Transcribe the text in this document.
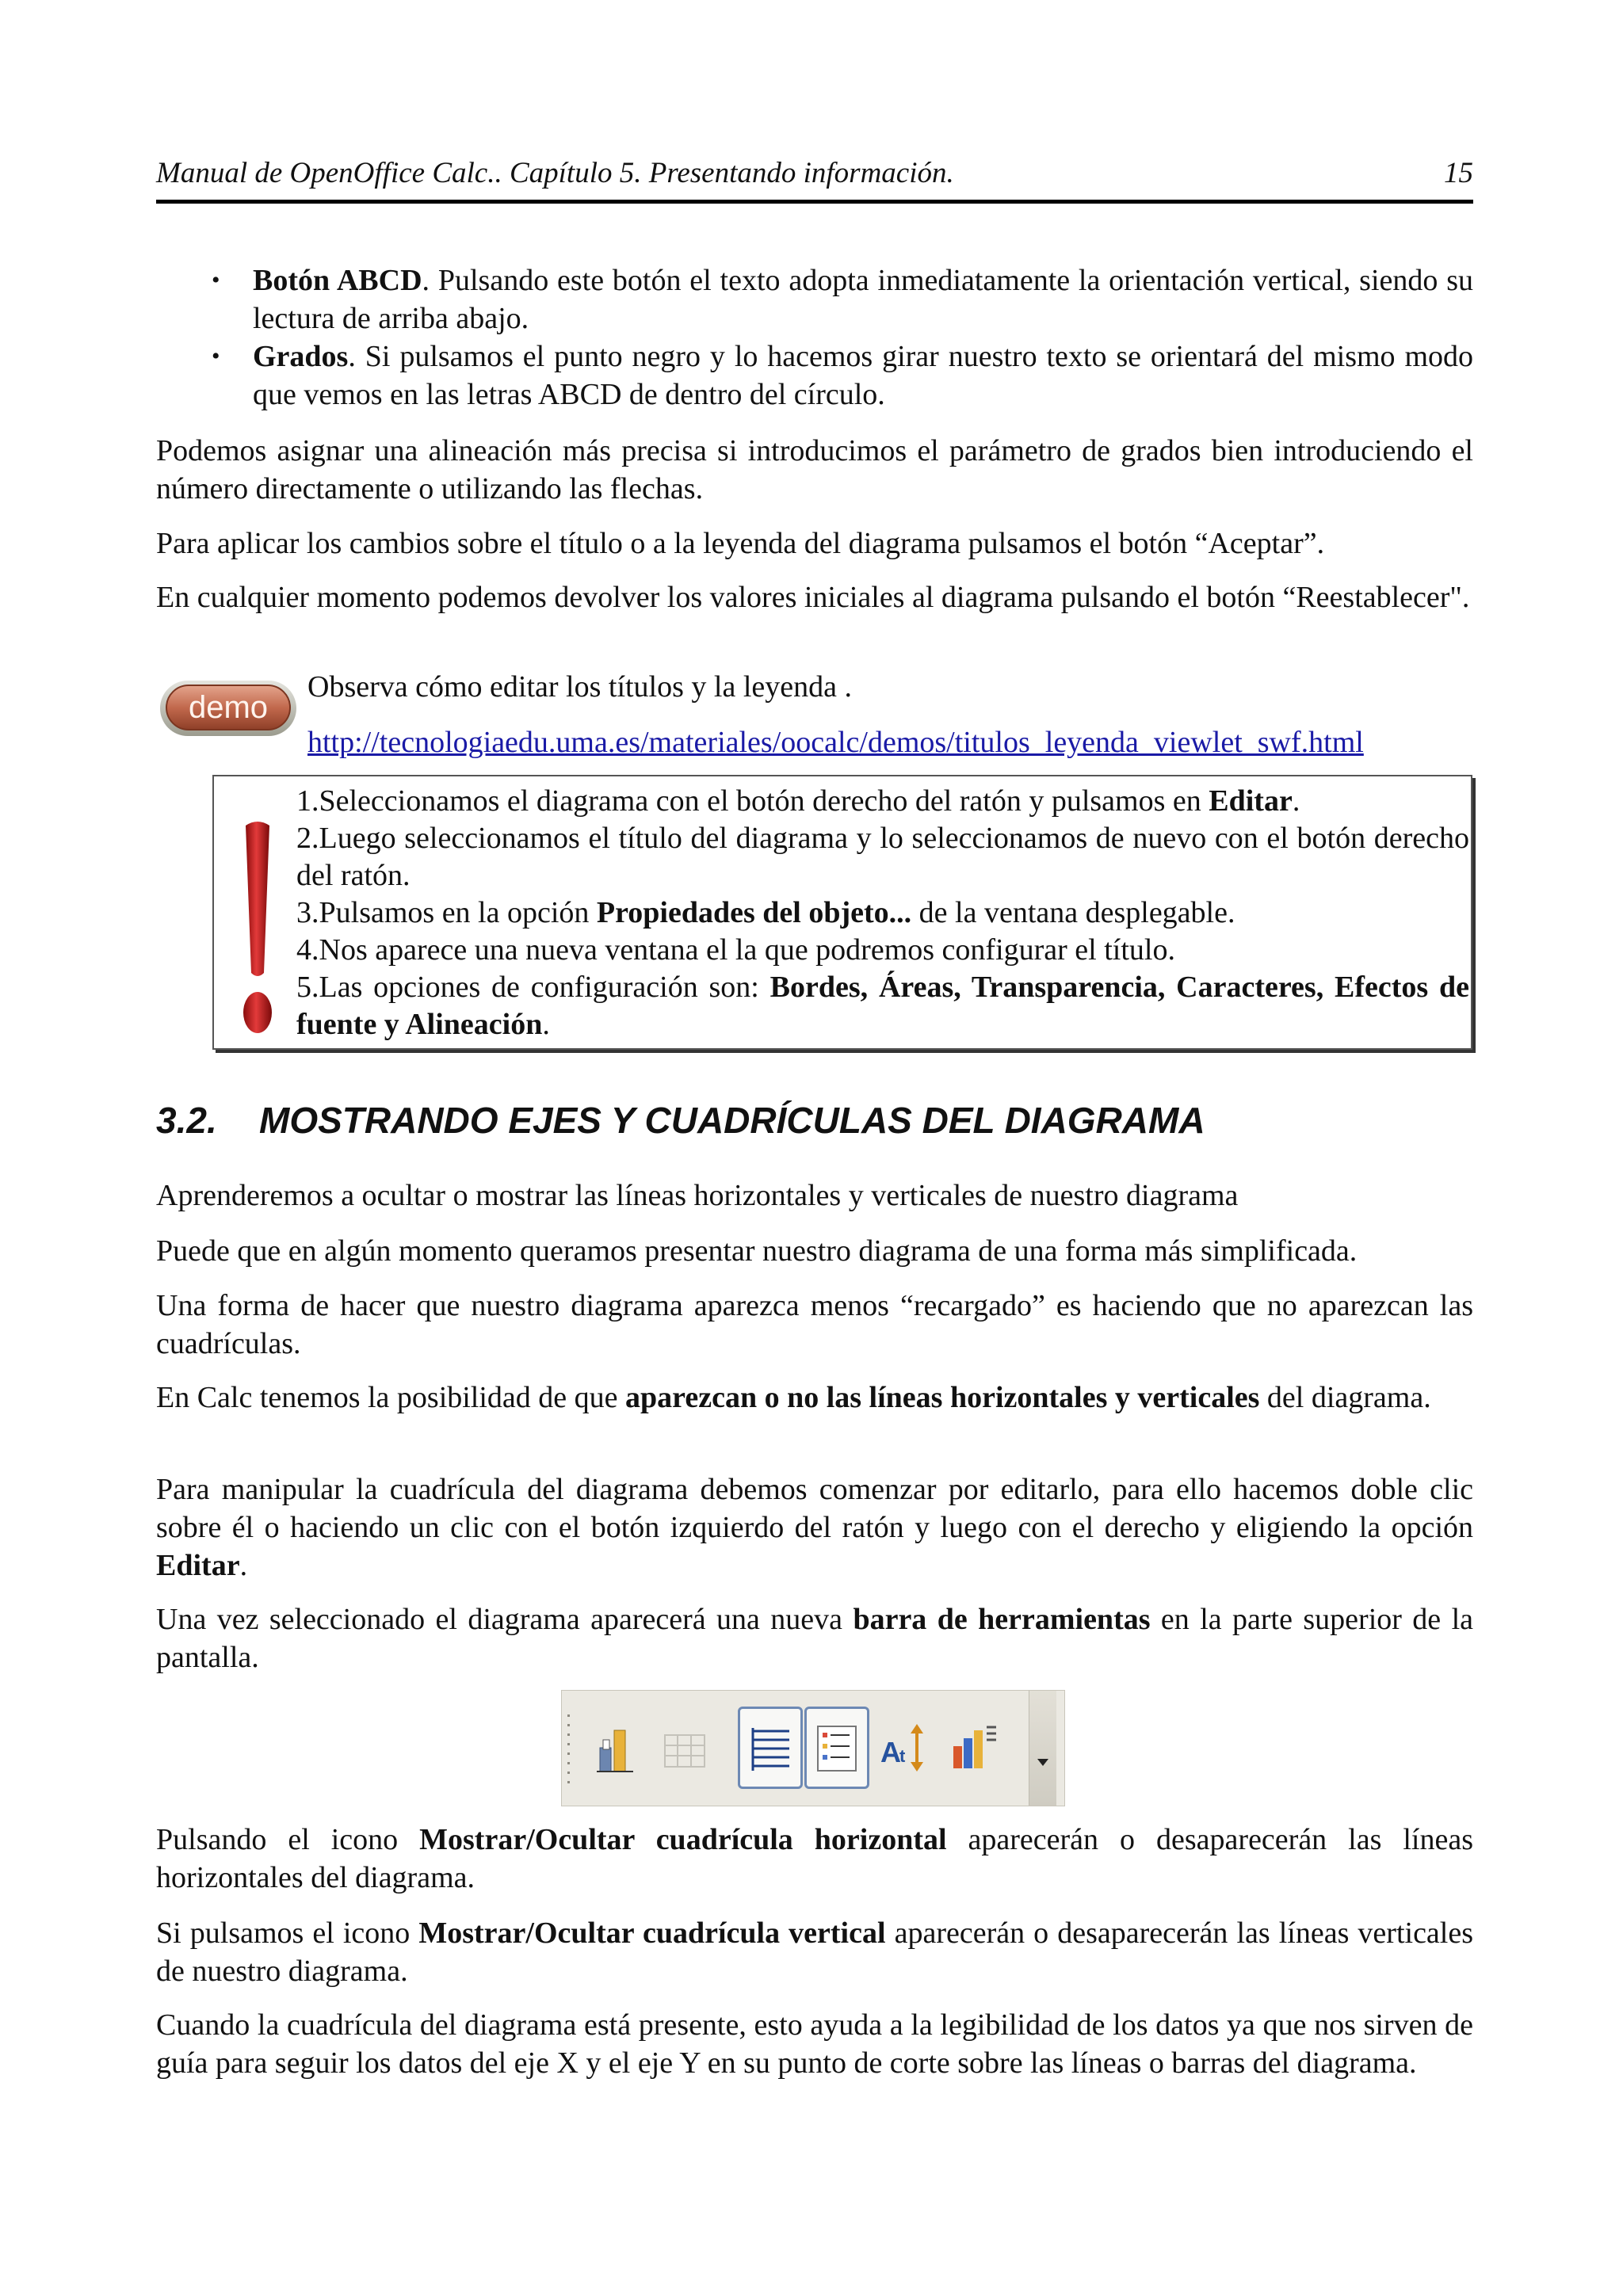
Manual de OpenOffice Calc.. Capítulo 5. Presentando información.	15
• Botón ABCD. Pulsando este botón el texto adopta inmediatamente la orientación vertical, siendo su lectura de arriba abajo.
• Grados. Si pulsamos el punto negro y lo hacemos girar nuestro texto se orientará del mismo modo que vemos en las letras ABCD de dentro del círculo.

Podemos asignar una alineación más precisa si introducimos el parámetro de grados bien introduciendo el número directamente o utilizando las flechas.

Para aplicar los cambios sobre el título o a la leyenda del diagrama pulsamos el botón “Aceptar”.

En cualquier momento podemos devolver los valores iniciales al diagrama pulsando el botón “Reestablecer".

demo
Observa cómo editar los títulos y la leyenda .
http://tecnologiaedu.uma.es/materiales/oocalc/demos/titulos_leyenda_viewlet_swf.html
1.Seleccionamos el diagrama con el botón derecho del ratón y pulsamos en Editar.
2.Luego seleccionamos el título del diagrama y lo seleccionamos de nuevo con el botón derecho del ratón.
3.Pulsamos en la opción Propiedades del objeto... de la ventana desplegable.
4.Nos aparece una nueva ventana el la que podremos configurar el título.
5.Las opciones de configuración son: Bordes, Áreas, Transparencia, Caracteres, Efectos de fuente y Alineación.
3.2. MOSTRANDO EJES Y CUADRÍCULAS DEL DIAGRAMA

Aprenderemos a ocultar o mostrar las líneas horizontales y verticales de nuestro diagrama

Puede que en algún momento queramos presentar nuestro diagrama de una forma más simplificada.

Una forma de hacer que nuestro diagrama aparezca menos “recargado” es haciendo que no aparezcan las cuadrículas.

En Calc tenemos la posibilidad de que aparezcan o no las líneas horizontales y verticales del diagrama.

Para manipular la cuadrícula del diagrama debemos comenzar por editarlo, para ello hacemos doble clic sobre él o haciendo un clic con el botón izquierdo del ratón y luego con el derecho y eligiendo la opción Editar.

Una vez seleccionado el diagrama aparecerá una nueva barra de herramientas en la parte superior de la pantalla.

A
t

Pulsando el icono Mostrar/Ocultar cuadrícula horizontal aparecerán o desaparecerán las líneas horizontales del diagrama.

Si pulsamos el icono Mostrar/Ocultar cuadrícula vertical aparecerán o desaparecerán las líneas verticales de nuestro diagrama.

Cuando la cuadrícula del diagrama está presente, esto ayuda a la legibilidad de los datos ya que nos sirven de guía para seguir los datos del eje X y el eje Y en su punto de corte sobre las líneas o barras del diagrama.
